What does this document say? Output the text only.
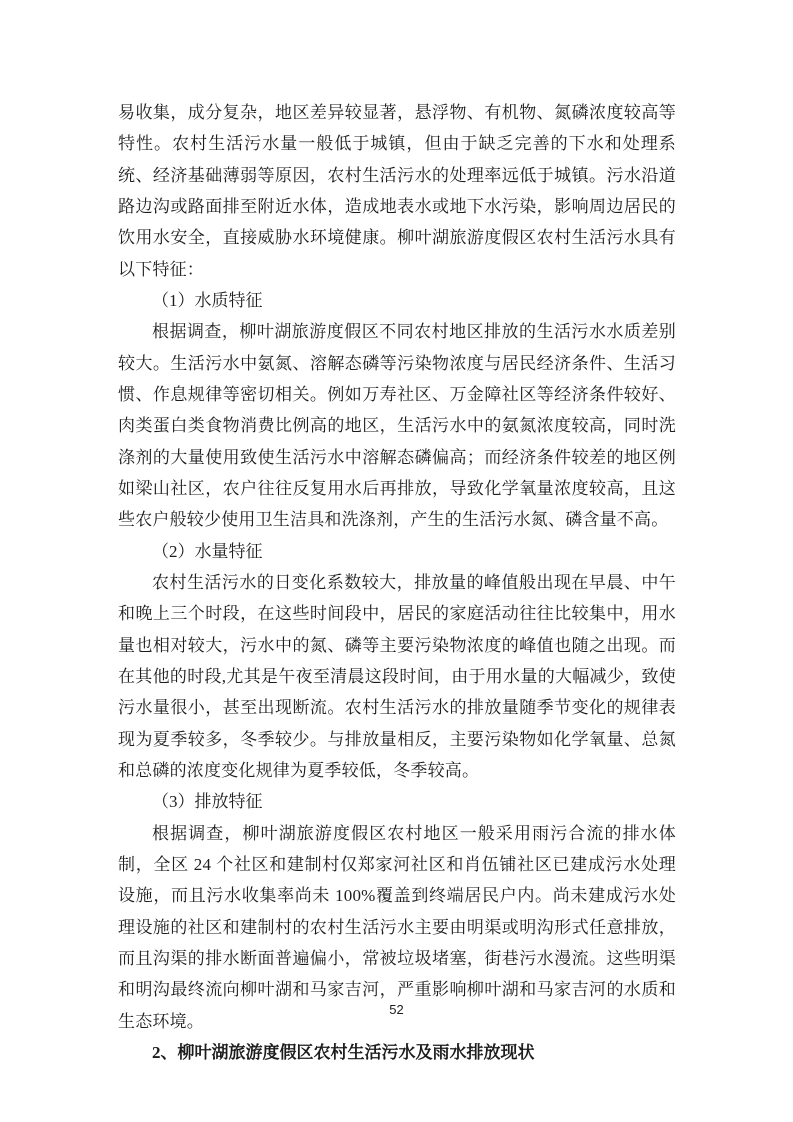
易收集，成分复杂，地区差异较显著，悬浮物、有机物、氮磷浓度较高等特性。农村生活污水量一般低于城镇，但由于缺乏完善的下水和处理系统、经济基础薄弱等原因，农村生活污水的处理率远低于城镇。污水沿道路边沟或路面排至附近水体，造成地表水或地下水污染，影响周边居民的饮用水安全，直接威胁水环境健康。柳叶湖旅游度假区农村生活污水具有以下特征：

（1）水质特征

根据调查，柳叶湖旅游度假区不同农村地区排放的生活污水水质差别较大。生活污水中氨氮、溶解态磷等污染物浓度与居民经济条件、生活习惯、作息规律等密切相关。例如万寿社区、万金障社区等经济条件较好、肉类蛋白类食物消费比例高的地区，生活污水中的氨氮浓度较高，同时洗涤剂的大量使用致使生活污水中溶解态磷偏高；而经济条件较差的地区例如梁山社区，农户往往反复用水后再排放，导致化学氧量浓度较高，且这些农户般较少使用卫生洁具和洗涤剂，产生的生活污水氮、磷含量不高。

（2）水量特征

农村生活污水的日变化系数较大，排放量的峰值般出现在早晨、中午和晚上三个时段，在这些时间段中，居民的家庭活动往往比较集中，用水量也相对较大，污水中的氮、磷等主要污染物浓度的峰值也随之出现。而在其他的时段,尤其是午夜至清晨这段时间，由于用水量的大幅减少，致使污水量很小，甚至出现断流。农村生活污水的排放量随季节变化的规律表现为夏季较多，冬季较少。与排放量相反，主要污染物如化学氧量、总氮和总磷的浓度变化规律为夏季较低，冬季较高。

（3）排放特征

根据调查，柳叶湖旅游度假区农村地区一般采用雨污合流的排水体制，全区 24 个社区和建制村仅郑家河社区和肖伍铺社区已建成污水处理设施，而且污水收集率尚未 100%覆盖到终端居民户内。尚未建成污水处理设施的社区和建制村的农村生活污水主要由明渠或明沟形式任意排放，而且沟渠的排水断面普遍偏小，常被垃圾堵塞，街巷污水漫流。这些明渠和明沟最终流向柳叶湖和马家吉河，严重影响柳叶湖和马家吉河的水质和生态环境。

2、柳叶湖旅游度假区农村生活污水及雨水排放现状

52
